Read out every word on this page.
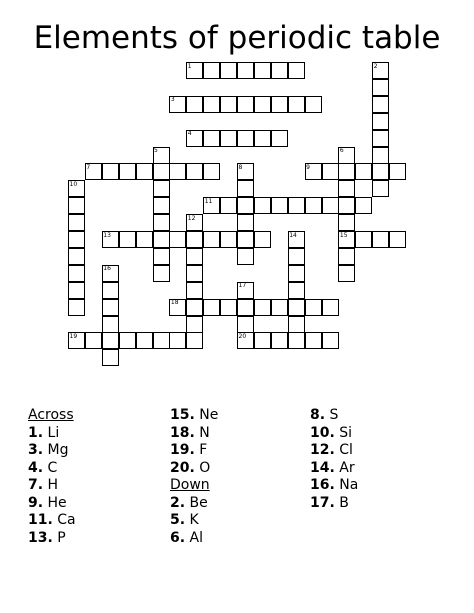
Elements of periodic table
1	2
3
4
5	6
7	8	9
10
11
12
13	14	15
16
17
18
19	20
Across
1. Li
3. Mg
4. C
7. H
9. He
11. Ca
13. P
15. Ne
18. N
19. F
20. O
Down
2. Be
5. K
6. Al
8. S
10. Si
12. Cl
14. Ar
16. Na
17. B
